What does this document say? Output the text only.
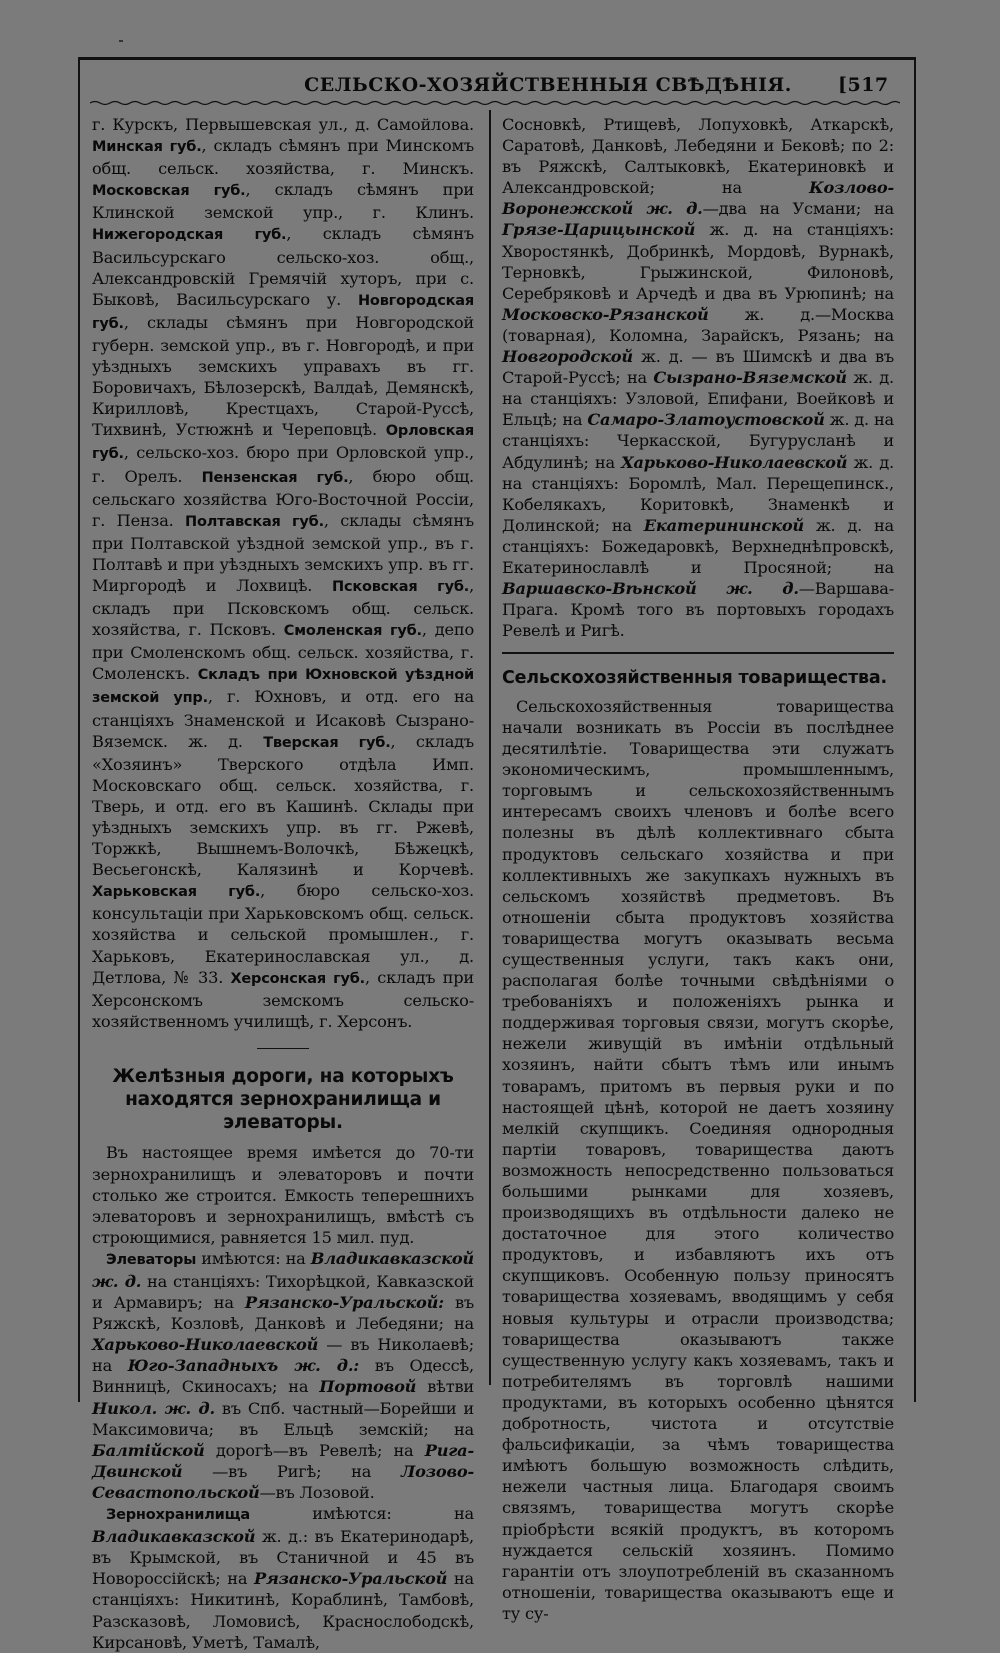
СЕЛЬСКО-ХОЗЯЙСТВЕННЫЯ СВѢДѢНІЯ.	[517

г. Курскъ, Первышевская ул., д. Самойлова. Минская губ., складъ сѣмянъ при Минскомъ общ. сельск. хозяйства, г. Минскъ. Московская губ., складъ сѣмянъ при Клинской земской упр., г. Клинъ. Нижегородская губ., складъ сѣмянъ Васильсурскаго сельско-хоз. общ., Александровскій Гремячій хуторъ, при с. Быковѣ, Васильсурскаго у. Новгородская губ., склады сѣмянъ при Новгородской губерн. земской упр., въ г. Новгородѣ, и при уѣздныхъ земскихъ управахъ въ гг. Боровичахъ, Бѣлозерскѣ, Валдаѣ, Демянскѣ, Кирилловѣ, Крестцахъ, Старой-Руссѣ, Тихвинѣ, Устюжнѣ и Череповцѣ. Орловская губ., сельско-хоз. бюро при Орловской упр., г. Орелъ. Пензенская губ., бюро общ. сельскаго хозяйства Юго-Восточной Россіи, г. Пенза. Полтавская губ., склады сѣмянъ при Полтавской уѣздной земской упр., въ г. Полтавѣ и при уѣздныхъ земскихъ упр. въ гг. Миргородѣ и Лохвицѣ. Псковская губ., складъ при Псковскомъ общ. сельск. хозяйства, г. Псковъ. Смоленская губ., депо при Смоленскомъ общ. сельск. хозяйства, г. Смоленскъ. Складъ при Юхновской уѣздной земской упр., г. Юхновъ, и отд. его на станціяхъ Знаменской и Исаковѣ Сызрано-Вяземск. ж. д. Тверская губ., складъ «Хозяинъ» Тверского отдѣла Имп. Московскаго общ. сельск. хозяйства, г. Тверь, и отд. его въ Кашинѣ. Склады при уѣздныхъ земскихъ упр. въ гг. Ржевѣ, Торжкѣ, Вышнемъ-Волочкѣ, Бѣжецкѣ, Весьегонскѣ, Калязинѣ и Корчевѣ. Харьковская губ., бюро сельско-хоз. консультаціи при Харьковскомъ общ. сельск. хозяйства и сельской промышлен., г. Харьковъ, Екатеринославская ул., д. Детлова, № 33. Херсонская губ., складъ при Херсонскомъ земскомъ сельско-хозяйственномъ училищѣ, г. Херсонъ.

Желѣзныя дороги, на которыхъ находятся зернохранилища и элеваторы.

Въ настоящее время имѣется до 70-ти зернохранилищъ и элеваторовъ и почти столько же строится. Емкость теперешнихъ элеваторовъ и зернохранилищъ, вмѣстѣ съ строющимися, равняется 15 мил. пуд.

Элеваторы имѣются: на Владикавказской ж. д. на станціяхъ: Тихорѣцкой, Кавказской и Армавиръ; на Рязанско-Уральской: въ Ряжскѣ, Козловѣ, Данковѣ и Лебедяни; на Харьково-Николаевской — въ Николаевѣ; на Юго-Западныхъ ж. д.: въ Одессѣ, Винницѣ, Скиносахъ; на Портовой вѣтви Никол. ж. д. въ Спб. частный—Борейши и Максимовича; въ Ельцѣ земскій; на Балтійской дорогѣ—въ Ревелѣ; на Рига-Двинской —въ Ригѣ; на Лозово-Севастопольской—въ Лозовой.

Зернохранилища имѣются: на Владикавказской ж. д.: въ Екатеринодарѣ, въ Крымской, въ Станичной и 45 въ Новороссійскѣ; на Рязанско-Уральской на станціяхъ: Никитинѣ, Кораблинѣ, Тамбовѣ, Разсказовѣ, Ломовисѣ, Краснослободскѣ, Кирсановѣ, Уметѣ, Тамалѣ,

Сосновкѣ, Ртищевѣ, Лопуховкѣ, Аткарскѣ, Саратовѣ, Данковѣ, Лебедяни и Бековѣ; по 2: въ Ряжскѣ, Салтыковкѣ, Екатериновкѣ и Александровской; на Козлово-Воронежской ж. д.—два на Усмани; на Грязе-Царицынской ж. д. на станціяхъ: Хворостянкѣ, Добринкѣ, Мордовѣ, Вурнакѣ, Терновкѣ, Грыжинской, Филоновѣ, Серебряковѣ и Арчедѣ и два въ Урюпинѣ; на Московско-Рязанской ж. д.—Москва (товарная), Коломна, Зарайскъ, Рязань; на Новгородской ж. д. — въ Шимскѣ и два въ Старой-Руссѣ; на Сызрано-Вяземской ж. д. на станціяхъ: Узловой, Епифани, Воейковѣ и Ельцѣ; на Самаро-Златоустовской ж. д. на станціяхъ: Черкасской, Бугурусланѣ и Абдулинѣ; на Харьково-Николаевской ж. д. на станціяхъ: Боромлѣ, Мал. Перещепинск., Кобелякахъ, Коритовкѣ, Знаменкѣ и Долинской; на Екатерининской ж. д. на станціяхъ: Божедаровкѣ, Верхнеднѣпровскѣ, Екатеринославлѣ и Просяной; на Варшавско-Вѣнской ж. д.—Варшава-Прага. Кромѣ того въ портовыхъ городахъ Ревелѣ и Ригѣ.

Сельскохозяйственныя товарищества.

Сельскохозяйственныя товарищества начали возникать въ Россіи въ послѣднее десятилѣтіе. Товарищества эти служатъ экономическимъ, промышленнымъ, торговымъ и сельскохозяйственнымъ интересамъ своихъ членовъ и болѣе всего полезны въ дѣлѣ коллективнаго сбыта продуктовъ сельскаго хозяйства и при коллективныхъ же закупкахъ нужныхъ въ сельскомъ хозяйствѣ предметовъ. Въ отношеніи сбыта продуктовъ хозяйства товарищества могутъ оказывать весьма существенныя услуги, такъ какъ они, располагая болѣе точными свѣдѣніями о требованіяхъ и положеніяхъ рынка и поддерживая торговыя связи, могутъ скорѣе, нежели живущій въ имѣніи отдѣльный хозяинъ, найти сбытъ тѣмъ или инымъ товарамъ, притомъ въ первыя руки и по настоящей цѣнѣ, которой не даетъ хозяину мелкій скупщикъ. Соединяя однородныя партіи товаровъ, товарищества даютъ возможность непосредственно пользоваться большими рынками для хозяевъ, производящихъ въ отдѣльности далеко не достаточное для этого количество продуктовъ, и избавляютъ ихъ отъ скупщиковъ. Особенную пользу приносятъ товарищества хозяевамъ, вводящимъ у себя новыя культуры и отрасли производства; товарищества оказываютъ также существенную услугу какъ хозяевамъ, такъ и потребителямъ въ торговлѣ нашими продуктами, въ которыхъ особенно цѣнятся добротность, чистота и отсутствіе фальсификаціи, за чѣмъ товарищества имѣютъ большую возможность слѣдить, нежели частныя лица. Благодаря своимъ связямъ, товарищества могутъ скорѣе пріобрѣсти всякій продуктъ, въ которомъ нуждается сельскій хозяинъ. Помимо гарантіи отъ злоупотребленій въ сказанномъ отношеніи, товарищества оказываютъ еще и ту су-
